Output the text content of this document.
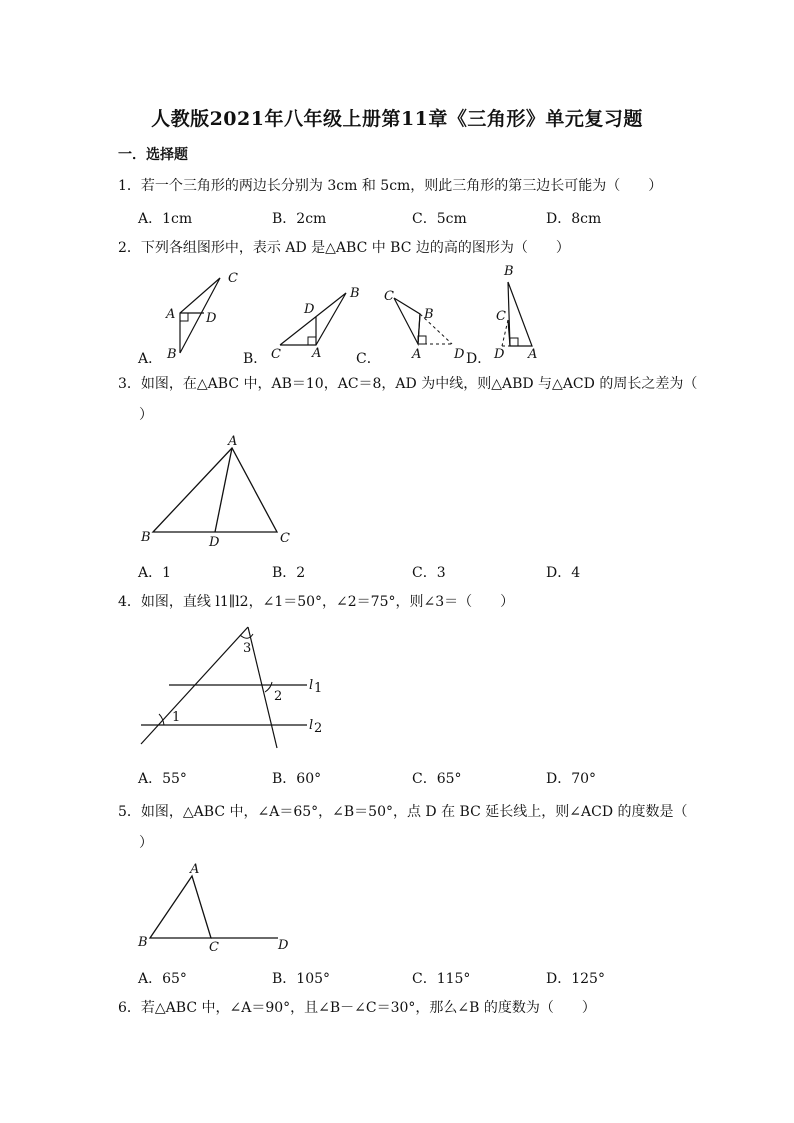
人教版2021年八年级上册第11章《三角形》单元复习题
一．选择题
1．若一个三角形的两边长分别为 3cm 和 5cm，则此三角形的第三边长可能为（　　）
A．1cm	B．2cm	C．5cm	D．8cm
2．下列各组图形中，表示 AD 是△ABC 中 BC 边的高的图形为（　　）
A．	B．	C．	D．
C
A D
B
B
D
C A
C
B
A	D
B
C
D A
3．如图，在△ABC 中，AB＝10，AC＝8，AD 为中线，则△ABD 与△ACD 的周长之差为（
）
A
B	D	C
A．1	B．2	C．3	D．4
4．如图，直线 l1∥l2，∠1＝50°，∠2＝75°，则∠3＝（　　）
3
2
1
l 1
l 2
A．55°	B．60°	C．65°	D．70°
5．如图，△ABC 中，∠A＝65°，∠B＝50°，点 D 在 BC 延长线上，则∠ACD 的度数是（
）
A
B	C	D
A．65°	B．105°	C．115°	D．125°
6．若△ABC 中，∠A＝90°，且∠B－∠C＝30°，那么∠B 的度数为（　　）
